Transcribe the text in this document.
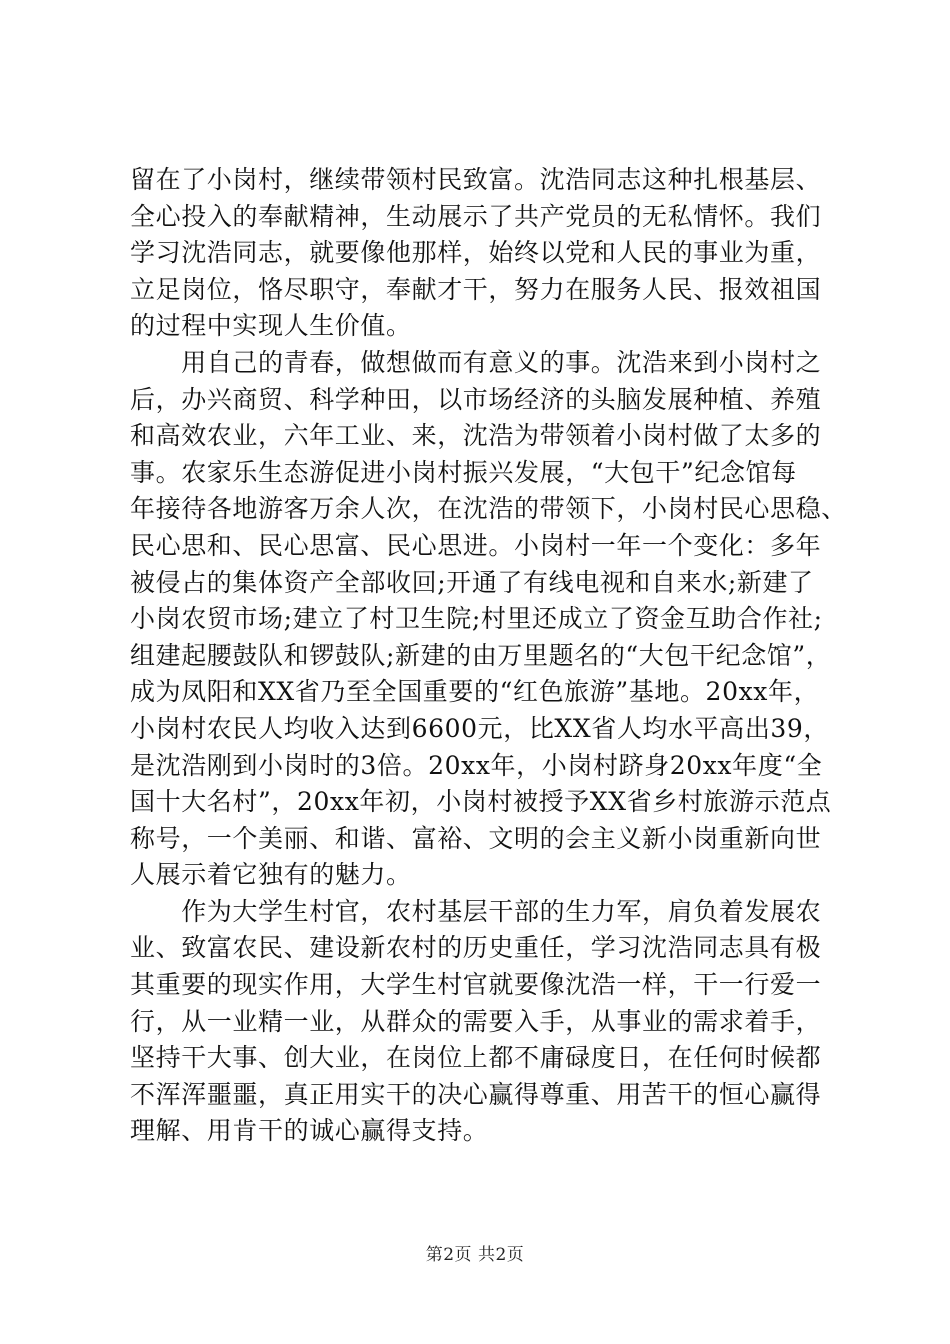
留在了小岗村，继续带领村民致富。沈浩同志这种扎根基层、
全心投入的奉献精神，生动展示了共产党员的无私情怀。我们
学习沈浩同志，就要像他那样，始终以党和人民的事业为重，
立足岗位，恪尽职守，奉献才干，努力在服务人民、报效祖国
的过程中实现人生价值。
　　用自己的青春，做想做而有意义的事。沈浩来到小岗村之
后，办兴商贸、科学种田，以市场经济的头脑发展种植、养殖
和高效农业，六年工业、来，沈浩为带领着小岗村做了太多的
事。农家乐生态游促进小岗村振兴发展，“大包干”纪念馆每
年接待各地游客万余人次，在沈浩的带领下，小岗村民心思稳、
民心思和、民心思富、民心思进。小岗村一年一个变化：多年
被侵占的集体资产全部收回;开通了有线电视和自来水;新建了
小岗农贸市场;建立了村卫生院;村里还成立了资金互助合作社;
组建起腰鼓队和锣鼓队;新建的由万里题名的“大包干纪念馆”，
成为凤阳和XX省乃至全国重要的“红色旅游”基地。20xx年，
小岗村农民人均收入达到6600元，比XX省人均水平高出39，
是沈浩刚到小岗时的3倍。20xx年，小岗村跻身20xx年度“全
国十大名村”，20xx年初，小岗村被授予XX省乡村旅游示范点
称号，一个美丽、和谐、富裕、文明的会主义新小岗重新向世
人展示着它独有的魅力。
　　作为大学生村官，农村基层干部的生力军，肩负着发展农
业、致富农民、建设新农村的历史重任，学习沈浩同志具有极
其重要的现实作用，大学生村官就要像沈浩一样，干一行爱一
行，从一业精一业，从群众的需要入手，从事业的需求着手，
坚持干大事、创大业，在岗位上都不庸碌度日，在任何时候都
不浑浑噩噩，真正用实干的决心赢得尊重、用苦干的恒心赢得
理解、用肯干的诚心赢得支持。
第2页 共2页
